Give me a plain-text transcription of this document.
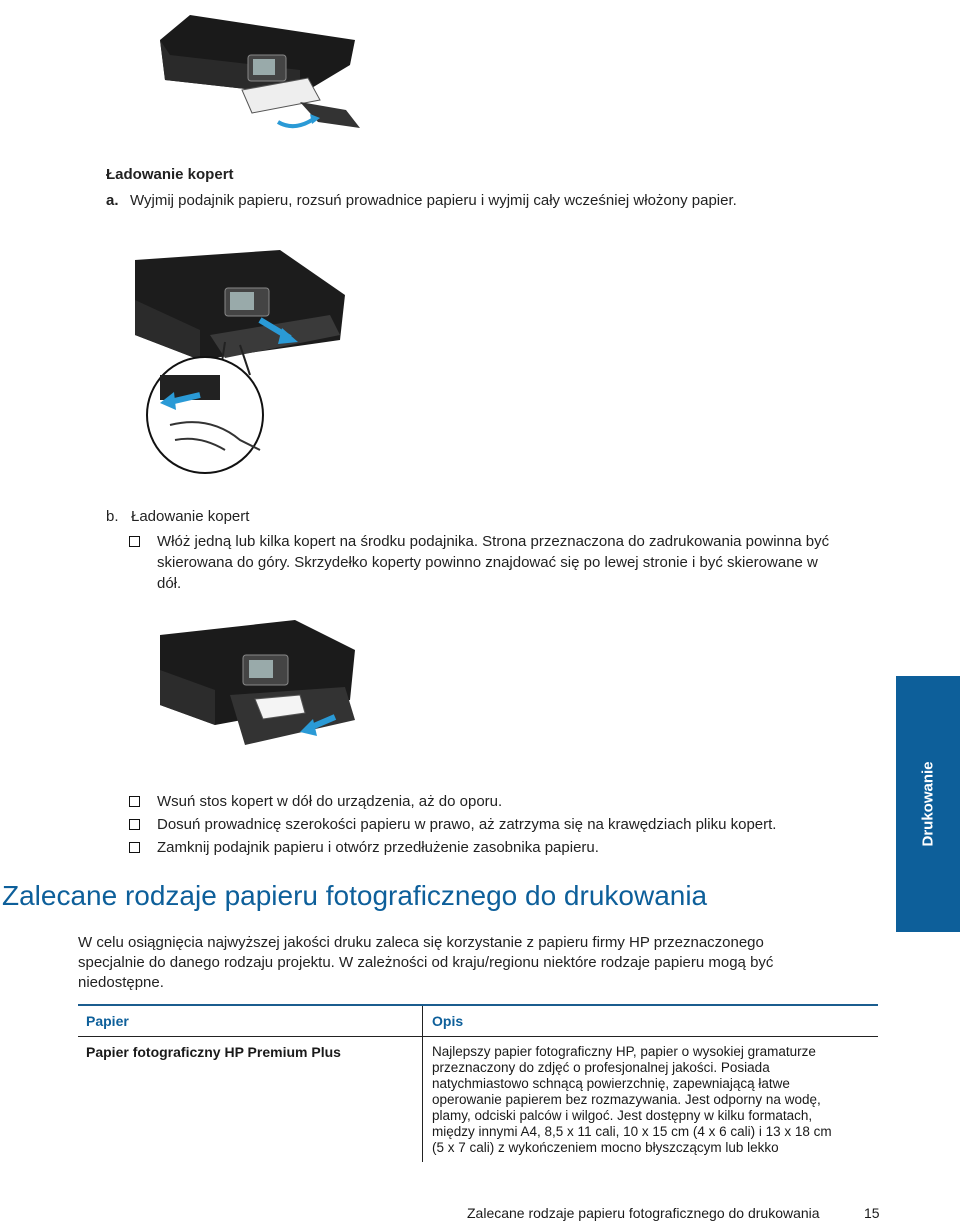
Ładowanie kopert
a. Wyjmij podajnik papieru, rozsuń prowadnice papieru i wyjmij cały wcześniej włożony papier.
b. Ładowanie kopert
Włóż jedną lub kilka kopert na środku podajnika. Strona przeznaczona do zadrukowania powinna być
skierowana do góry. Skrzydełko koperty powinno znajdować się po lewej stronie i być skierowane w
dół.
Wsuń stos kopert w dół do urządzenia, aż do oporu.
Dosuń prowadnicę szerokości papieru w prawo, aż zatrzyma się na krawędziach pliku kopert.
Zamknij podajnik papieru i otwórz przedłużenie zasobnika papieru.
Drukowanie
Zalecane rodzaje papieru fotograficznego do drukowania
W celu osiągnięcia najwyższej jakości druku zaleca się korzystanie z papieru firmy HP przeznaczonego
specjalnie do danego rodzaju projektu. W zależności od kraju/regionu niektóre rodzaje papieru mogą być
niedostępne.
Papier	Opis
Papier fotograficzny HP Premium Plus	Najlepszy papier fotograficzny HP, papier o wysokiej gramaturze
przeznaczony do zdjęć o profesjonalnej jakości. Posiada
natychmiastowo schnącą powierzchnię, zapewniającą łatwe
operowanie papierem bez rozmazywania. Jest odporny na wodę,
plamy, odciski palców i wilgoć. Jest dostępny w kilku formatach,
między innymi A4, 8,5 x 11 cali, 10 x 15 cm (4 x 6 cali) i 13 x 18 cm
(5 x 7 cali) z wykończeniem mocno błyszczącym lub lekko
Zalecane rodzaje papieru fotograficznego do drukowania	15
